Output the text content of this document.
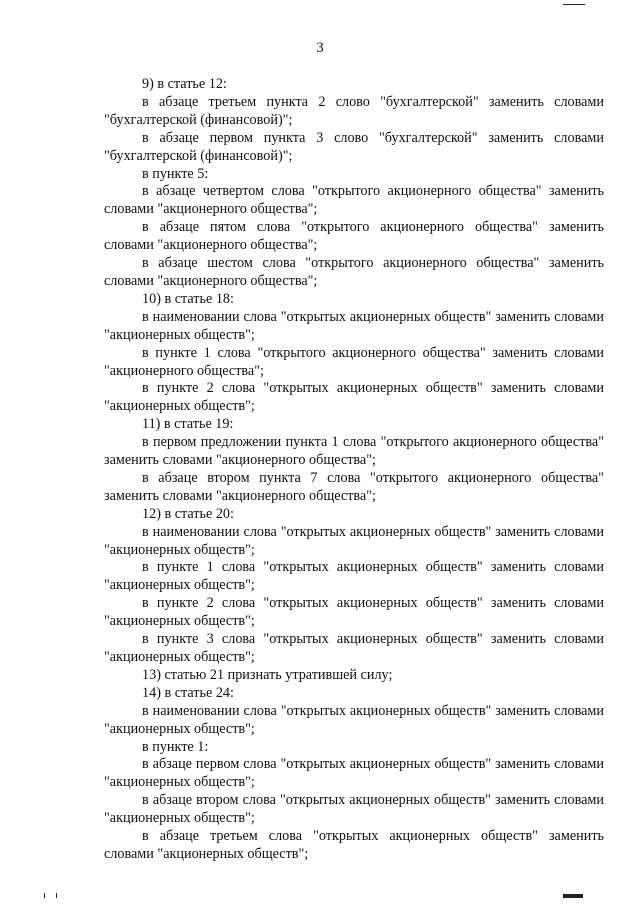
3

9) в статье 12:

в абзаце третьем пункта 2 слово "бухгалтерской" заменить словами "бухгалтерской (финансовой)";

в абзаце первом пункта 3 слово "бухгалтерской" заменить словами "бухгалтерской (финансовой)";

в пункте 5:

в абзаце четвертом слова "открытого акционерного общества" заменить словами "акционерного общества";

в абзаце пятом слова "открытого акционерного общества" заменить словами "акционерного общества";

в абзаце шестом слова "открытого акционерного общества" заменить словами "акционерного общества";

10) в статье 18:

в наименовании слова "открытых акционерных обществ" заменить словами "акционерных обществ";

в пункте 1 слова "открытого акционерного общества" заменить словами "акционерного общества";

в пункте 2 слова "открытых акционерных обществ" заменить словами "акционерных обществ";

11) в статье 19:

в первом предложении пункта 1 слова "открытого акционерного общества" заменить словами "акционерного общества";

в абзаце втором пункта 7 слова "открытого акционерного общества" заменить словами "акционерного общества";

12) в статье 20:

в наименовании слова "открытых акционерных обществ" заменить словами "акционерных обществ";

в пункте 1 слова "открытых акционерных обществ" заменить словами "акционерных обществ";

в пункте 2 слова "открытых акционерных обществ" заменить словами "акционерных обществ";

в пункте 3 слова "открытых акционерных обществ" заменить словами "акционерных обществ";

13) статью 21 признать утратившей силу;

14) в статье 24:

в наименовании слова "открытых акционерных обществ" заменить словами "акционерных обществ";

в пункте 1:

в абзаце первом слова "открытых акционерных обществ" заменить словами "акционерных обществ";

в абзаце втором слова "открытых акционерных обществ" заменить словами "акционерных обществ";

в абзаце третьем слова "открытых акционерных обществ" заменить словами "акционерных обществ";
